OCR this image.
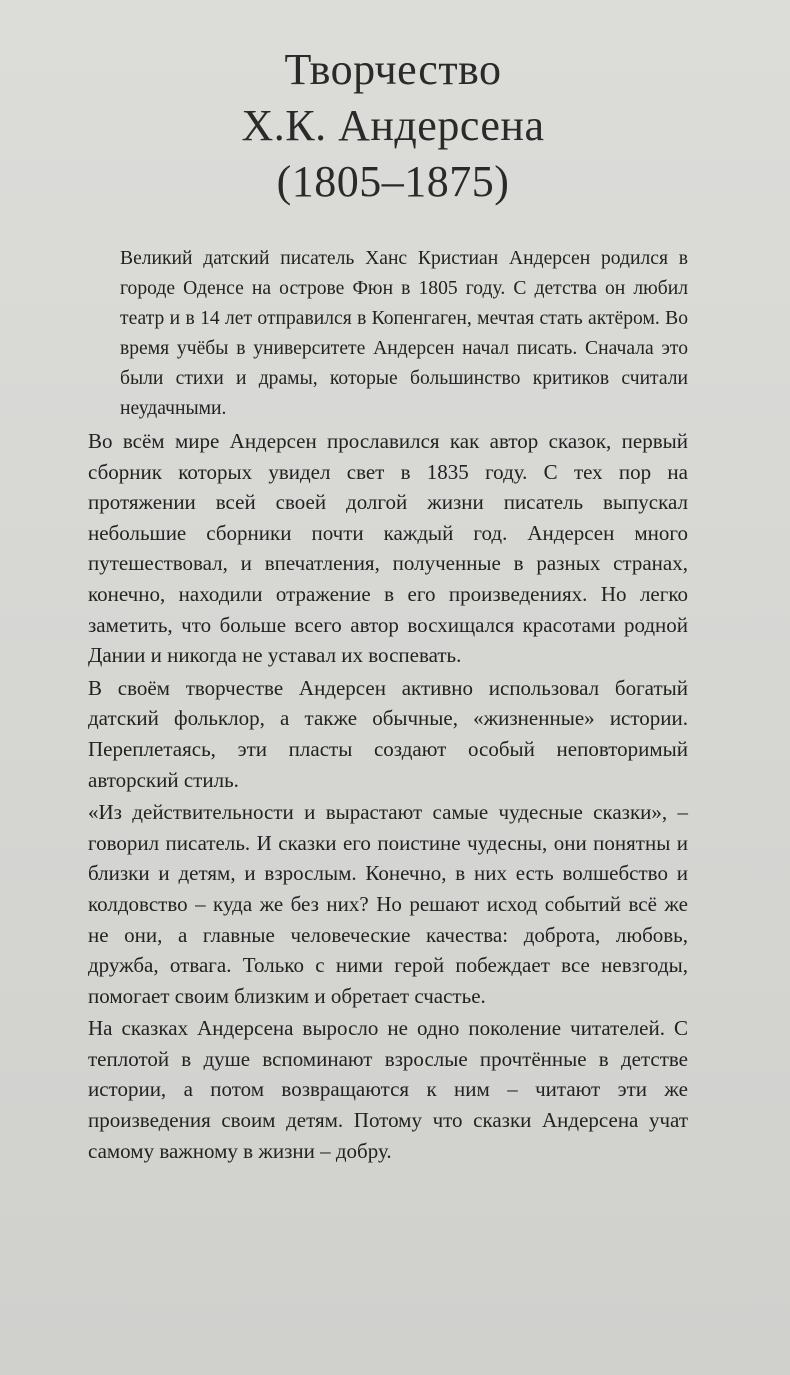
Творчество
Х.К. Андерсена
(1805–1875)

Великий датский писатель Ханс Кристиан Андерсен родился в городе Оденсе на острове Фюн в 1805 году. С детства он любил театр и в 14 лет отправился в Копенгаген, мечтая стать актёром. Во время учёбы в университете Андерсен начал писать. Сначала это были стихи и драмы, которые большинство критиков считали неудачными.

Во всём мире Андерсен прославился как автор сказок, первый сборник которых увидел свет в 1835 году. С тех пор на протяжении всей своей долгой жизни писатель выпускал небольшие сборники почти каждый год. Андерсен много путешествовал, и впечатления, полученные в разных странах, конечно, находили отражение в его произведениях. Но легко заметить, что больше всего автор восхищался красотами родной Дании и никогда не уставал их воспевать.

В своём творчестве Андерсен активно использовал богатый датский фольклор, а также обычные, «жизненные» истории. Переплетаясь, эти пласты создают особый неповторимый авторский стиль.

«Из действительности и вырастают самые чудесные сказки», – говорил писатель. И сказки его поистине чудесны, они понятны и близки и детям, и взрослым. Конечно, в них есть волшебство и колдовство – куда же без них? Но решают исход событий всё же не они, а главные человеческие качества: доброта, любовь, дружба, отвага. Только с ними герой побеждает все невзгоды, помогает своим близким и обретает счастье.

На сказках Андерсена выросло не одно поколение читателей. С теплотой в душе вспоминают взрослые прочтённые в детстве истории, а потом возвращаются к ним – читают эти же произведения своим детям. Потому что сказки Андерсена учат самому важному в жизни – добру.
